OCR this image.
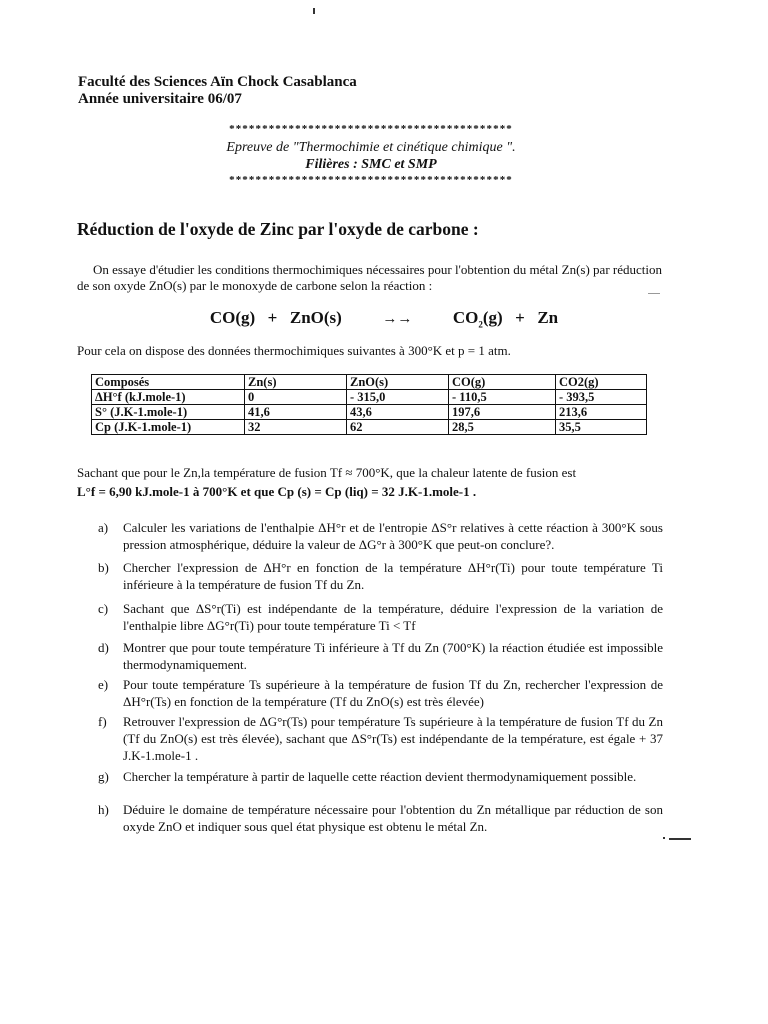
Faculté des Sciences Aïn Chock Casablanca
Année universitaire 06/07
*******************************************
Epreuve de "Thermochimie et cinétique chimique ".
Filières : SMC et SMP
*******************************************
Réduction de l'oxyde de Zinc par l'oxyde de carbone :
On essaye d'étudier les conditions thermochimiques nécessaires pour l'obtention du métal Zn(s) par réduction de son oxyde ZnO(s) par le monoxyde de carbone selon la réaction :
CO(g)  +  ZnO(s)	→→ $CO_2(g) + Zn$
Pour cela on dispose des données thermochimiques suivantes à 300°K et p = 1 atm.
Composés	Zn(s)	ZnO(s)	CO(g)	CO2(g)
ΔH°f (kJ.mole-1)	0	- 315,0	- 110,5	- 393,5
S° (J.K-1.mole-1)	41,6	43,6	197,6	213,6
Cp (J.K-1.mole-1)	32	62	28,5	35,5
Sachant que pour le Zn,la température de fusion Tf ≈ 700°K, que la chaleur latente de fusion est
L°f = 6,90 kJ.mole-1 à 700°K et que Cp (s) = Cp (liq) = 32 J.K-1.mole-1 .
a) Calculer les variations de l'enthalpie ΔH°r et de l'entropie ΔS°r relatives à cette réaction à 300°K sous pression atmosphérique, déduire la valeur de ΔG°r à 300°K que peut-on conclure?.
b) Chercher l'expression de ΔH°r en fonction de la température ΔH°r(Ti) pour toute température Ti inférieure à la température de fusion Tf du Zn.
c) Sachant que ΔS°r(Ti) est indépendante de la température, déduire l'expression de la variation de l'enthalpie libre ΔG°r(Ti) pour toute température Ti < Tf
d) Montrer que pour toute température Ti inférieure à Tf du Zn (700°K) la réaction étudiée est impossible thermodynamiquement.
e) Pour toute température Ts supérieure à la température de fusion Tf du Zn, rechercher l'expression de ΔH°r(Ts) en fonction de la température (Tf du ZnO(s) est très élevée)
f) Retrouver l'expression de ΔG°r(Ts) pour température Ts supérieure à la température de fusion Tf du Zn (Tf du ZnO(s) est très élevée), sachant que ΔS°r(Ts) est indépendante de la température, est égale + 37 J.K-1.mole-1 .
g) Chercher la température à partir de laquelle cette réaction devient thermodynamiquement possible.
h) Déduire le domaine de température nécessaire pour l'obtention du Zn métallique par réduction de son oxyde ZnO et indiquer sous quel état physique est obtenu le métal Zn.
